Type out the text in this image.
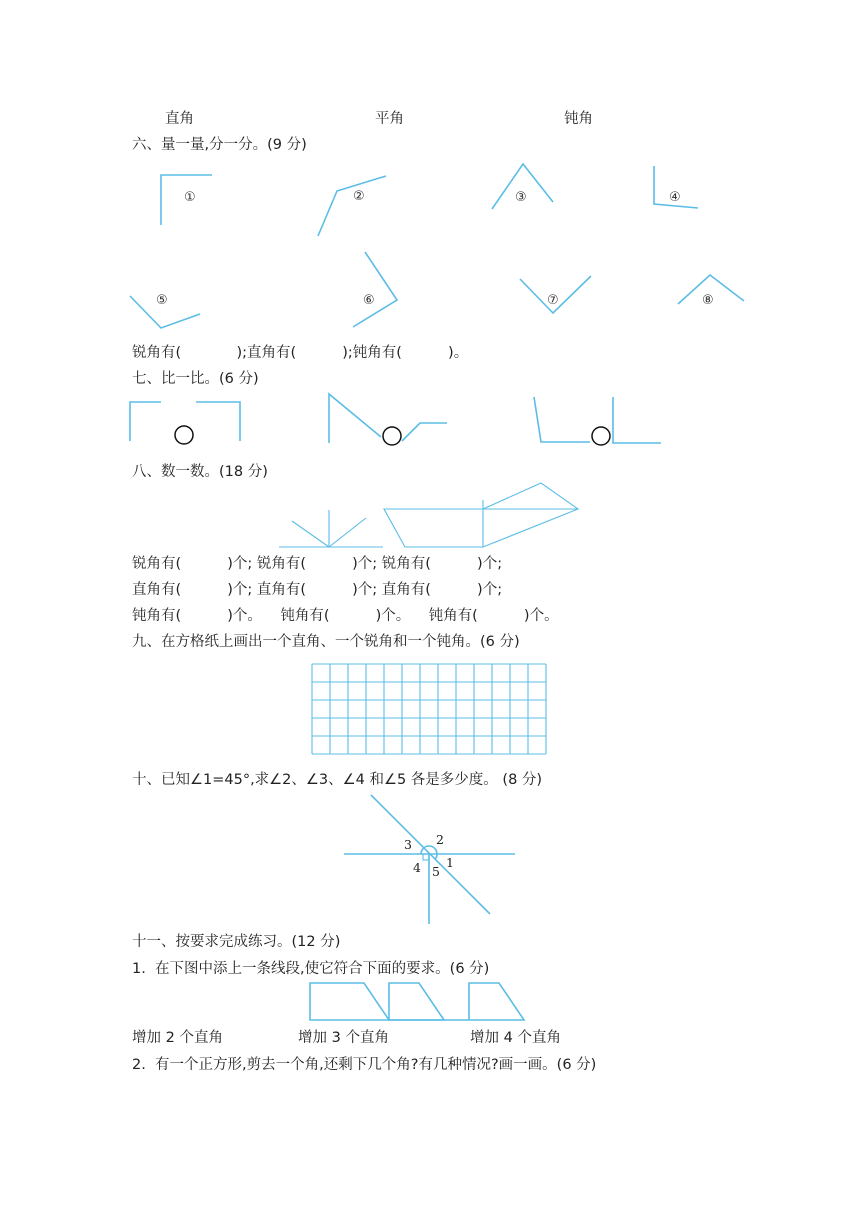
直角	平角	钝角
六、量一量,分一分。(9 分)
①	②	③	④
⑤	⑥	⑦	⑧
锐角有(            );直角有(          );钝角有(          )。
七、比一比。(6 分)
八、数一数。(18 分)
锐角有(          )个; 锐角有(          )个; 锐角有(          )个;
直角有(          )个; 直角有(          )个; 直角有(          )个;
钝角有(          )个。    钝角有(          )个。    钝角有(          )个。
九、在方格纸上画出一个直角、一个锐角和一个钝角。(6 分)
十、已知∠1=45°,求∠2、∠3、∠4 和∠5 各是多少度。 (8 分)
1
2
3
4 5
十一、按要求完成练习。(12 分)
1.  在下图中添上一条线段,使它符合下面的要求。(6 分)
增加 2 个直角	增加 3 个直角	增加 4 个直角
2.  有一个正方形,剪去一个角,还剩下几个角?有几种情况?画一画。(6 分)
